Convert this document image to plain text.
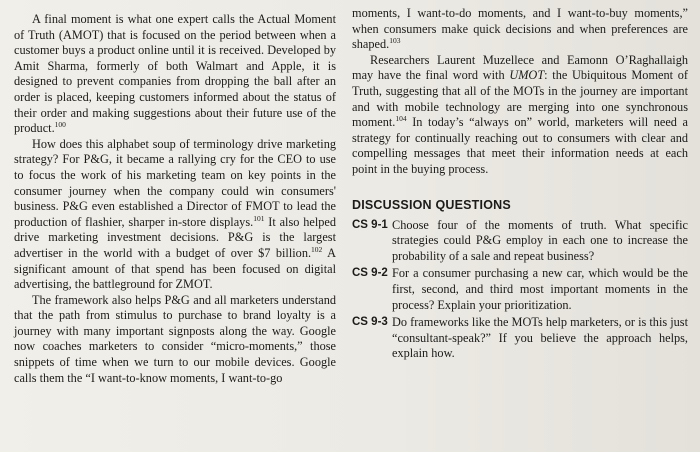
A final moment is what one expert calls the Actual Moment of Truth (AMOT) that is focused on the period between when a customer buys a product online until it is received. Developed by Amit Sharma, formerly of both Walmart and Apple, it is designed to prevent companies from dropping the ball after an order is placed, keeping customers informed about the status of their order and making suggestions about their future use of the product.$^{100}$

How does this alphabet soup of terminology drive marketing strategy? For P&G, it became a rallying cry for the CEO to use to focus the work of his marketing team on key points in the consumer journey when the company could win consumers' business. P&G even established a Director of FMOT to lead the production of flashier, sharper in-store displays.$^{101}$ It also helped drive marketing investment decisions. P&G is the largest advertiser in the world with a budget of over $7 billion.$^{102}$ A significant amount of that spend has been focused on digital advertising, the battleground for ZMOT.

The framework also helps P&G and all marketers understand that the path from stimulus to purchase to brand loyalty is a journey with many important signposts along the way. Google now coaches marketers to consider “micro-moments,” those snippets of time when we turn to our mobile devices. Google calls them the “I want-to-know moments, I want-to-go

moments, I want-to-do moments, and I want-to-buy moments,” when consumers make quick decisions and when preferences are shaped.$^{103}$

Researchers Laurent Muzellece and Eamonn O’Raghallaigh may have the final word with UMOT: the Ubiquitous Moment of Truth, suggesting that all of the MOTs in the journey are important and with mobile technology are merging into one synchronous moment.$^{104}$ In today’s “always on” world, marketers will need a strategy for continually reaching out to consumers with clear and compelling messages that meet their information needs at each point in the buying process.

DISCUSSION QUESTIONS
CS 9-1 Choose four of the moments of truth. What specific strategies could P&G employ in each one to increase the probability of a sale and repeat business?
CS 9-2 For a consumer purchasing a new car, which would be the first, second, and third most important moments in the process? Explain your prioritization.
CS 9-3 Do frameworks like the MOTs help marketers, or is this just “consultant-speak?” If you believe the approach helps, explain how.
